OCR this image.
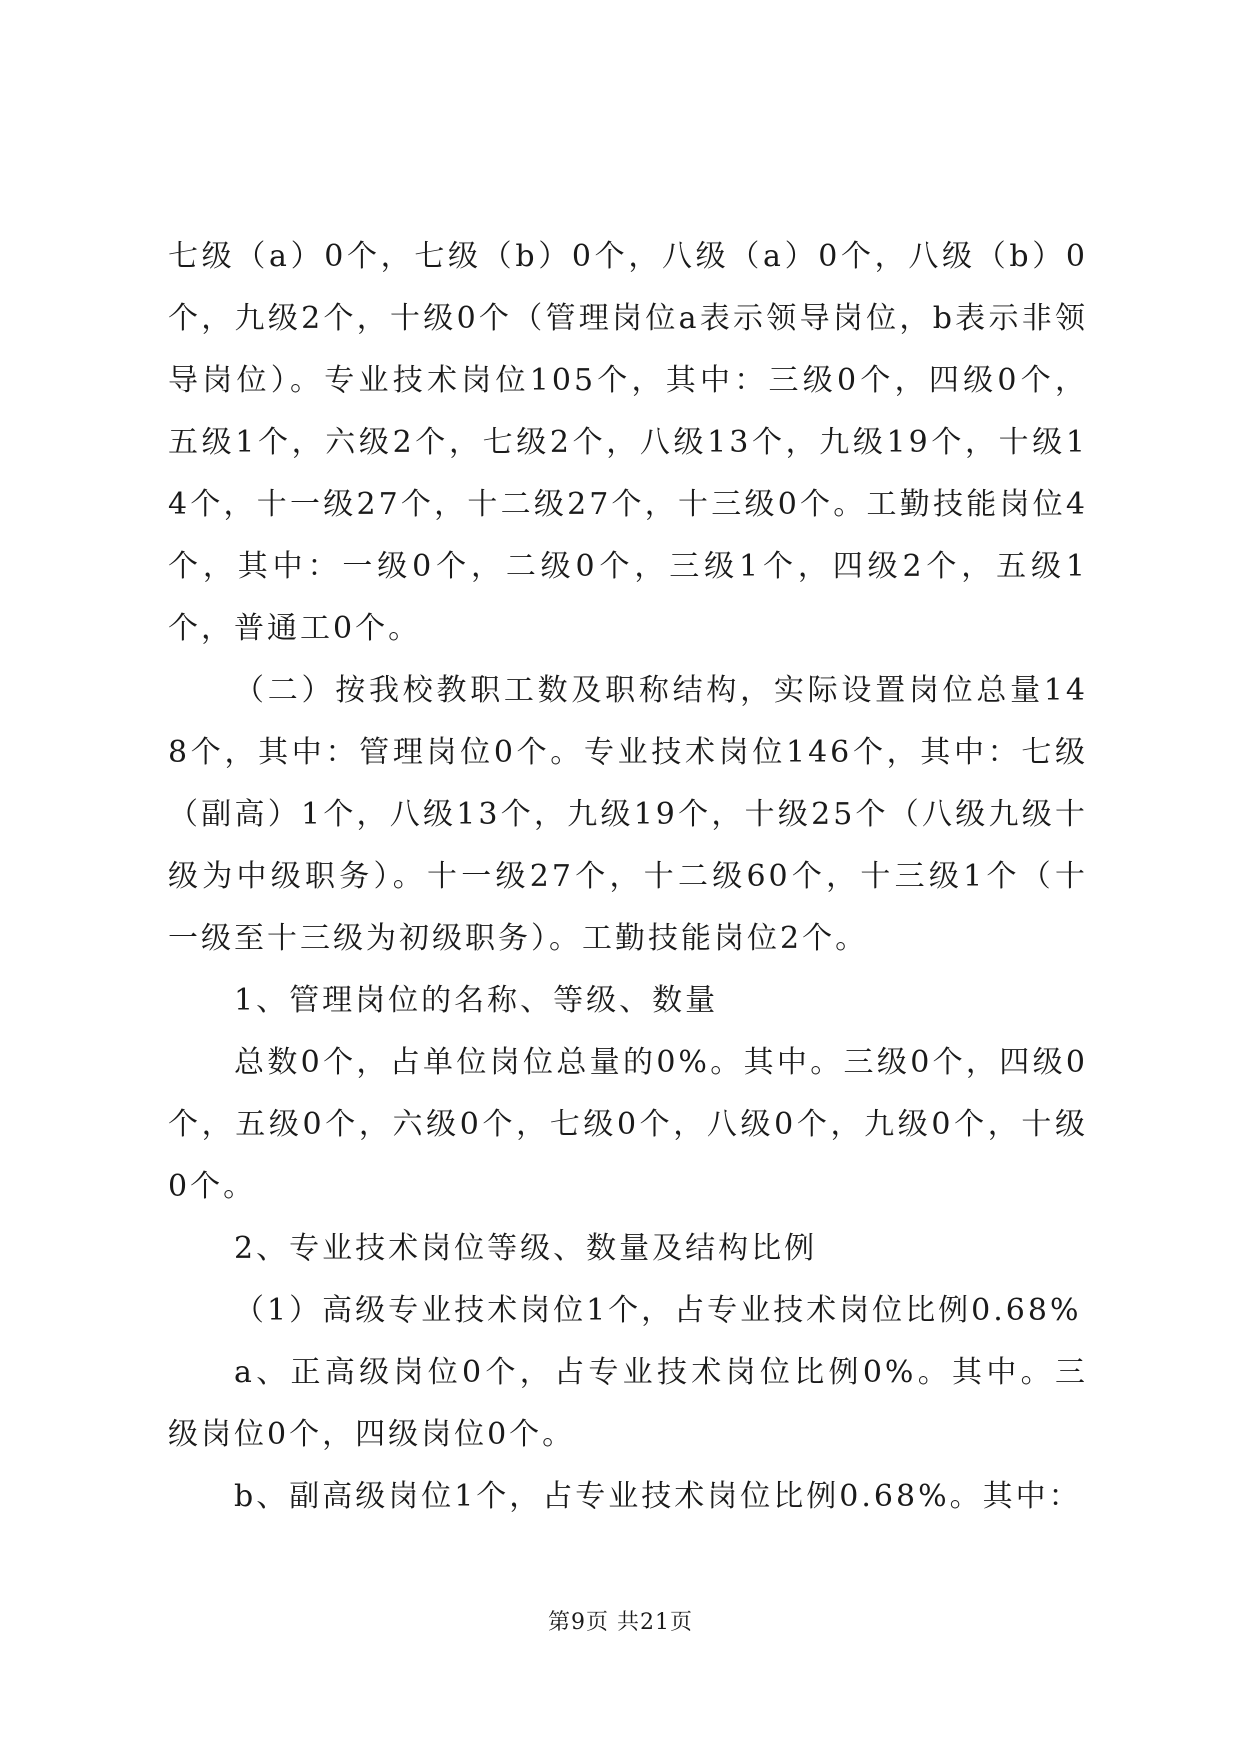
七级（a）0个，七级（b）0个，八级（a）0个，八级（b）0个，九级2个，十级0个（管理岗位a表示领导岗位，b表示非领导岗位）。专业技术岗位105个，其中：三级0个，四级0个，五级1个，六级2个，七级2个，八级13个，九级19个，十级14个，十一级27个，十二级27个，十三级0个。工勤技能岗位4个，其中：一级0个，二级0个，三级1个，四级2个，五级1个，普通工0个。

（二）按我校教职工数及职称结构，实际设置岗位总量148个，其中：管理岗位0个。专业技术岗位146个，其中：七级（副高）1个，八级13个，九级19个，十级25个（八级九级十级为中级职务）。十一级27个，十二级60个，十三级1个（十一级至十三级为初级职务）。工勤技能岗位2个。

1、管理岗位的名称、等级、数量

总数0个，占单位岗位总量的0%。其中。三级0个，四级0个，五级0个，六级0个，七级0个，八级0个，九级0个，十级0个。

2、专业技术岗位等级、数量及结构比例

（1）高级专业技术岗位1个，占专业技术岗位比例0.68%

a、正高级岗位0个，占专业技术岗位比例0%。其中。三级岗位0个，四级岗位0个。

b、副高级岗位1个，占专业技术岗位比例0.68%。其中：

第9页 共21页
